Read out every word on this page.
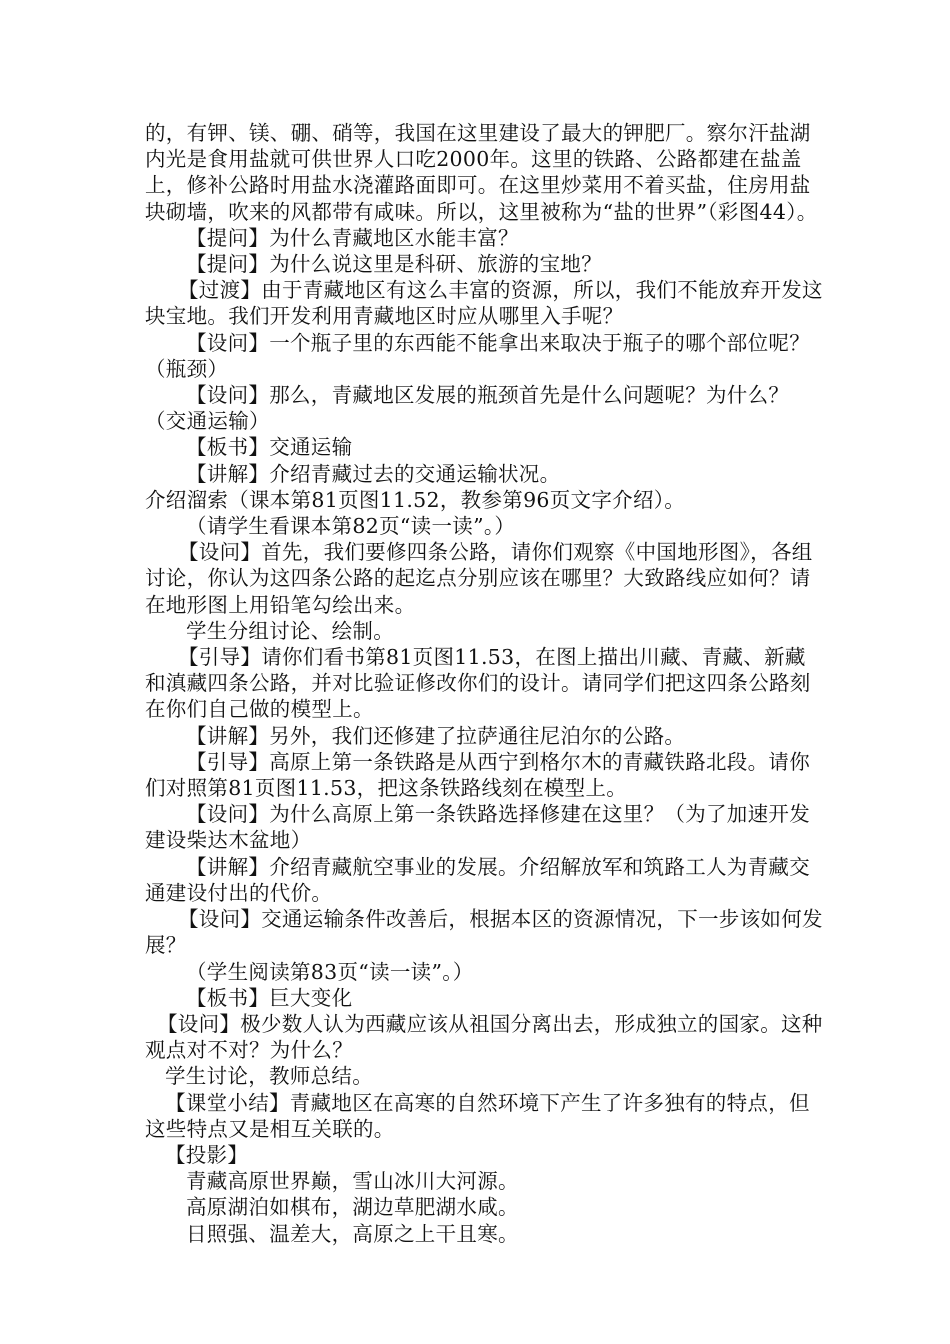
的，有钾、镁、硼、硝等，我国在这里建设了最大的钾肥厂。察尔汗盐湖内光是食用盐就可供世界人口吃2000年。这里的铁路、公路都建在盐盖上，修补公路时用盐水浇灌路面即可。在这里炒菜用不着买盐，住房用盐块砌墙，吹来的风都带有咸味。所以，这里被称为“盐的世界”（彩图44）。

【提问】为什么青藏地区水能丰富？

【提问】为什么说这里是科研、旅游的宝地？

【过渡】由于青藏地区有这么丰富的资源，所以，我们不能放弃开发这块宝地。我们开发利用青藏地区时应从哪里入手呢？

【设问】一个瓶子里的东西能不能拿出来取决于瓶子的哪个部位呢？（瓶颈）

【设问】那么，青藏地区发展的瓶颈首先是什么问题呢？为什么？（交通运输）

【板书】交通运输

【讲解】介绍青藏过去的交通运输状况。

介绍溜索（课本第81页图11.52，教参第96页文字介绍）。

（请学生看课本第82页“读一读”。）

【设问】首先，我们要修四条公路，请你们观察《中国地形图》，各组讨论，你认为这四条公路的起迄点分别应该在哪里？大致路线应如何？请在地形图上用铅笔勾绘出来。

学生分组讨论、绘制。

【引导】请你们看书第81页图11.53，在图上描出川藏、青藏、新藏和滇藏四条公路，并对比验证修改你们的设计。请同学们把这四条公路刻在你们自己做的模型上。

【讲解】另外，我们还修建了拉萨通往尼泊尔的公路。

【引导】高原上第一条铁路是从西宁到格尔木的青藏铁路北段。请你们对照第81页图11.53，把这条铁路线刻在模型上。

【设问】为什么高原上第一条铁路选择修建在这里？（为了加速开发建设柴达木盆地）

【讲解】介绍青藏航空事业的发展。介绍解放军和筑路工人为青藏交通建设付出的代价。

【设问】交通运输条件改善后，根据本区的资源情况，下一步该如何发展？

（学生阅读第83页“读一读”。）

【板书】巨大变化

【设问】极少数人认为西藏应该从祖国分离出去，形成独立的国家。这种观点对不对？为什么？

学生讨论，教师总结。

【课堂小结】青藏地区在高寒的自然环境下产生了许多独有的特点，但这些特点又是相互关联的。

【投影】

青藏高原世界巅，雪山冰川大河源。

高原湖泊如棋布，湖边草肥湖水咸。

日照强、温差大，高原之上干且寒。
